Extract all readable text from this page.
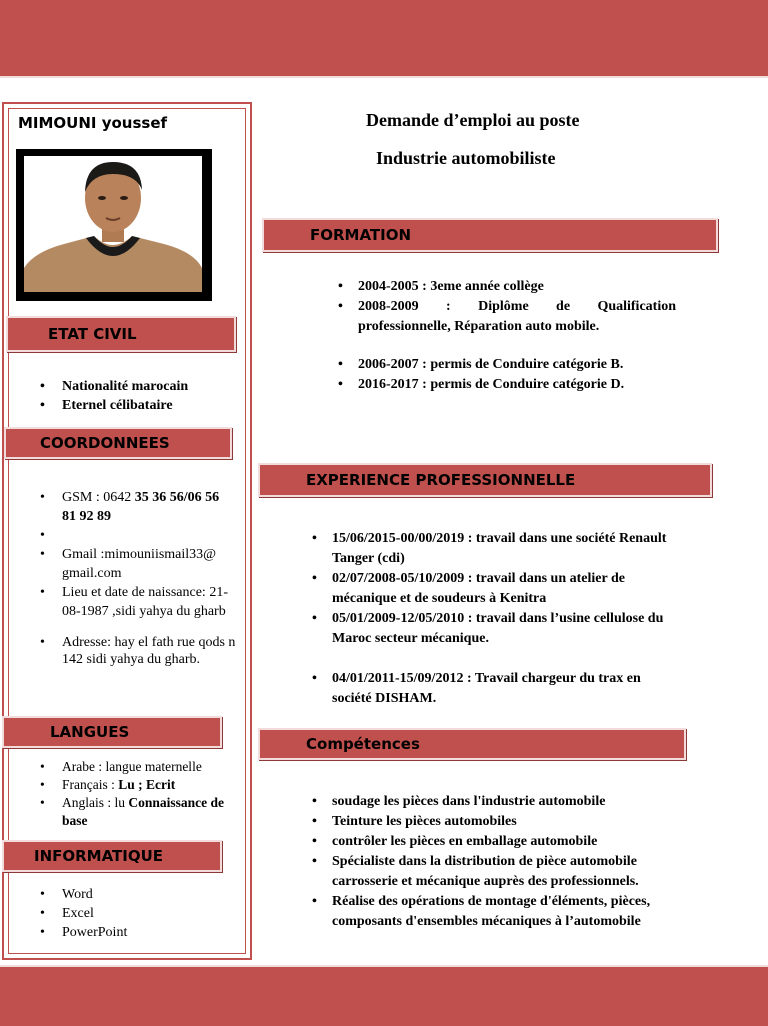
MIMOUNI youssef
ETAT CIVIL
• Nationalité marocain
• Eternel célibataire
COORDONNEES
• GSM : 0642 35 36 56/06 56 81 92 89
•
• Gmail :mimouniismail33@ gmail.com
• Lieu et date de naissance: 21-08-1987 ,sidi yahya du gharb
• Adresse: hay el fath rue qods n 142 sidi yahya du gharb.
LANGUES
• Arabe : langue maternelle
• Français : Lu ; Ecrit
• Anglais : lu Connaissance de base
INFORMATIQUE
• Word
• Excel
• PowerPoint
Demande d’emploi au poste
Industrie automobiliste
FORMATION
• 2004-2005 : 3eme année collège
• 2008-2009 : Diplôme de Qualification professionnelle, Réparation auto mobile.
• 2006-2007 : permis de Conduire catégorie B.
• 2016-2017 : permis de Conduire catégorie D.
EXPERIENCE PROFESSIONNELLE
• 15/06/2015-00/00/2019 : travail dans une société Renault Tanger (cdi)
• 02/07/2008-05/10/2009 : travail dans un atelier de mécanique et de soudeurs à Kenitra
• 05/01/2009-12/05/2010 : travail dans l’usine cellulose du Maroc secteur mécanique.
• 04/01/2011-15/09/2012 : Travail chargeur du trax en société DISHAM.
Compétences
• soudage les pièces dans l'industrie automobile
• Teinture les pièces automobiles
• contrôler les pièces en emballage automobile
• Spécialiste dans la distribution de pièce automobile carrosserie et mécanique auprès des professionnels.
• Réalise des opérations de montage d'éléments, pièces, composants d'ensembles mécaniques à l’automobile
